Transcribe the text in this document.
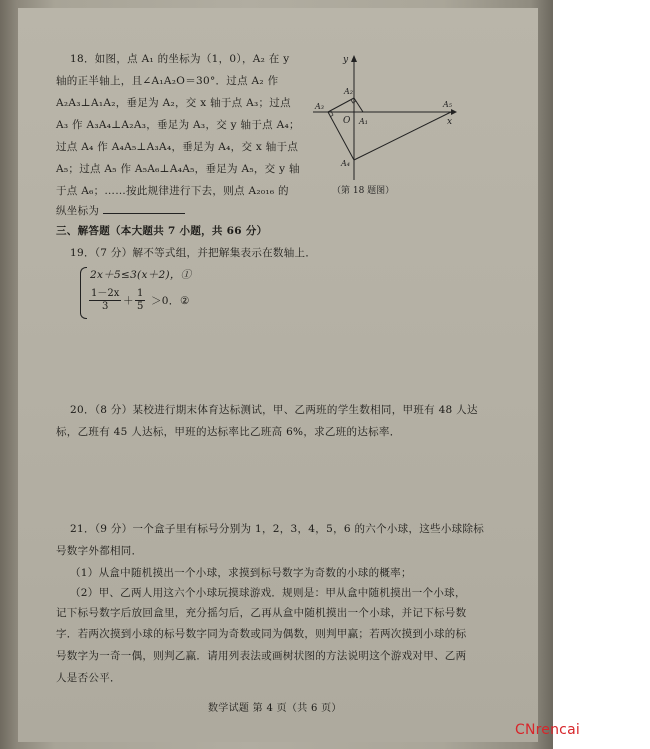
18．如图，点 A₁ 的坐标为（1，0），A₂ 在 y
轴的正半轴上，且∠A₁A₂O＝30°．过点 A₂ 作
A₂A₃⊥A₁A₂，垂足为 A₂，交 x 轴于点 A₃；过点
A₃ 作 A₃A₄⊥A₂A₃，垂足为 A₃，交 y 轴于点 A₄；
过点 A₄ 作 A₄A₅⊥A₃A₄，垂足为 A₄，交 x 轴于点
A₅；过点 A₅ 作 A₅A₆⊥A₄A₅，垂足为 A₅，交 y 轴
于点 A₆；……按此规律进行下去，则点 A₂₀₁₆ 的
纵坐标为
y
x
O A₁
A₂
A₃
A₄
A₅
（第 18 题图）
三、解答题（本大题共 7 小题，共 66 分）
19．（7 分）解不等式组，并把解集表示在数轴上．
2x＋5≤3(x＋2)，①
$\frac{1-2x}{3} + \frac{1}{5} >0$． ②
20．（8 分）某校进行期末体育达标测试，甲、乙两班的学生数相同，甲班有 48 人达
标，乙班有 45 人达标，甲班的达标率比乙班高 6%，求乙班的达标率．
21．（9 分）一个盒子里有标号分别为 1，2，3，4，5，6 的六个小球，这些小球除标
号数字外都相同．
（1）从盒中随机摸出一个小球，求摸到标号数字为奇数的小球的概率；
（2）甲、乙两人用这六个小球玩摸球游戏．规则是：甲从盒中随机摸出一个小球，
记下标号数字后放回盒里，充分摇匀后，乙再从盒中随机摸出一个小球，并记下标号数
字．若两次摸到小球的标号数字同为奇数或同为偶数，则判甲赢；若两次摸到小球的标
号数字为一奇一偶，则判乙赢．请用列表法或画树状图的方法说明这个游戏对甲、乙两
人是否公平．
数学试题 第 4 页（共 6 页）
CNrencai
